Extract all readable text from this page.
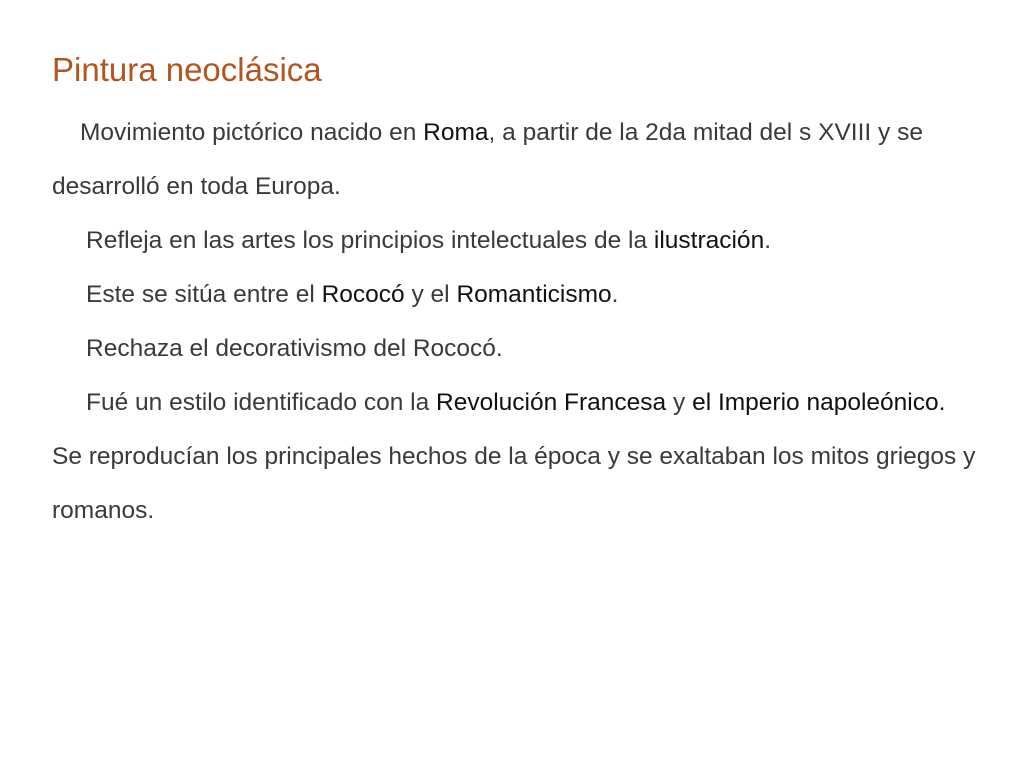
Pintura neoclásica

Movimiento pictórico nacido en Roma, a partir de la 2da mitad del s XVIII y se desarrolló en toda Europa.

Refleja en las artes los principios intelectuales de la ilustración.

Este se sitúa entre el Rococó y el Romanticismo.

Rechaza el decorativismo del Rococó.

Fué un estilo identificado con la Revolución Francesa y el Imperio napoleónico. Se reproducían los principales hechos de la época y se exaltaban los mitos griegos y romanos.
